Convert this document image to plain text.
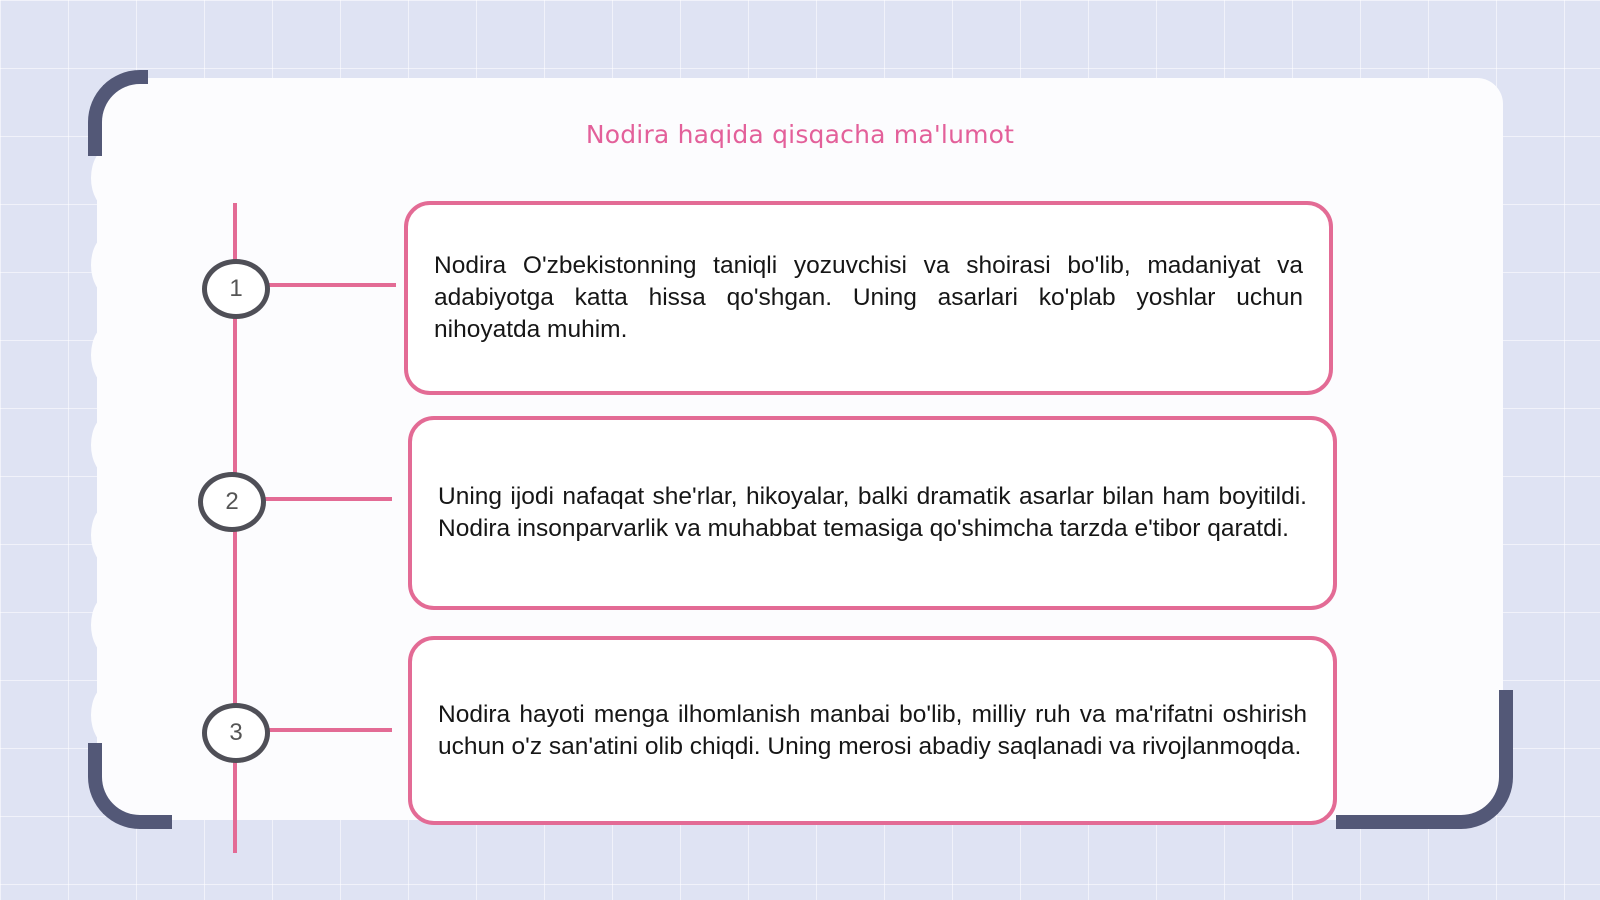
Nodira haqida qisqacha ma'lumot
1
2
3

Nodira O'zbekistonning taniqli yozuvchisi va shoirasi bo'lib, madaniyat va adabiyotga katta hissa qo'shgan. Uning asarlari ko'plab yoshlar uchun nihoyatda muhim.

Uning ijodi nafaqat she'rlar, hikoyalar, balki dramatik asarlar bilan ham boyitildi. Nodira insonparvarlik va muhabbat temasiga qo'shimcha tarzda e'tibor qaratdi.

Nodira hayoti menga ilhomlanish manbai bo'lib, milliy ruh va ma'rifatni oshirish uchun o'z san'atini olib chiqdi. Uning merosi abadiy saqlanadi va rivojlanmoqda.
